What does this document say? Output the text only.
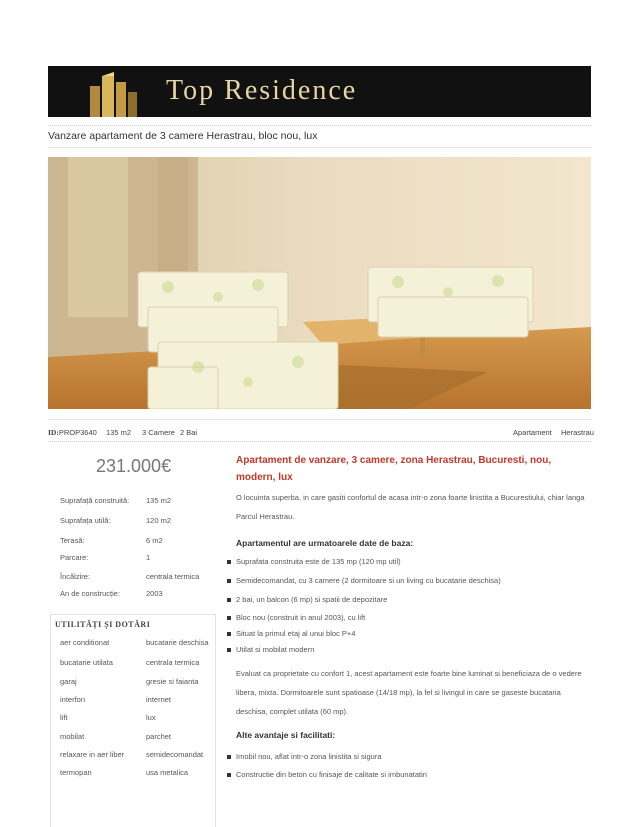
Top Residence
Vanzare apartament de 3 camere Herastrau, bloc nou, lux
ID:PROP3640 135 m2 3 Camere 2 Bai	Apartament Herastrau
231.000€
Suprafață construită: 135 m2
Suprafața utilă:	120 m2
Terasă:	6 m2
Parcare:	1
Încălzire:	centrala termica
An de construcție:	2003
UTILITĂȚI ȘI DOTĂRI
aer conditionat	bucatarie deschisa
bucatarie utilata	centrala termica
garaj	gresie si faianta
interfon	internet
lift	lux
mobilat	parchet
relaxare in aer liber	semidecomandat
termopan	usa metalica
Apartament de vanzare, 3 camere, zona Herastrau, Bucuresti, nou, modern, lux
O locuinta superba, in care gasiti confortul de acasa intr-o zona foarte linistita a Bucurestiului, chiar langa Parcul Herastrau.
Apartamentul are urmatoarele date de baza:
Suprafata construita este de 135 mp (120 mp util)
Semidecomandat, cu 3 camere (2 dormitoare si un living cu bucatarie deschisa)
2 bai, un balcon (6 mp) si spatii de depozitare
Bloc nou (construit in anul 2003), cu lift
Situat la primul etaj al unui bloc P+4
Utilat si mobilat modern
Evaluat ca proprietate cu confort 1, acest apartament este foarte bine luminat si beneficiaza de o vedere libera, mixta. Dormitoarele sunt spatioase (14/18 mp), la fel si livingul in care se gaseste bucataria deschisa, complet utilata (60 mp).
Alte avantaje si facilitati:
Imobil nou, aflat intr-o zona linistita si sigura
Constructie din beton cu finisaje de calitate si imbunatatiri
